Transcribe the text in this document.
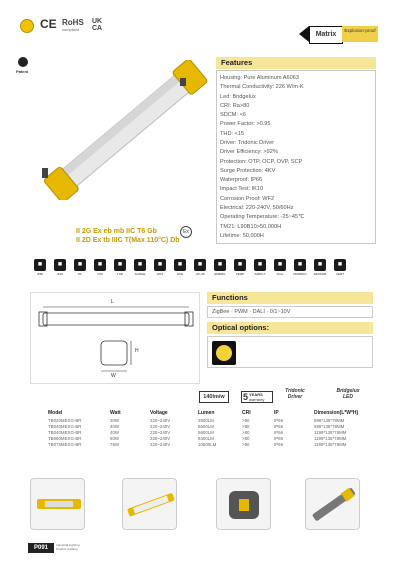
CE RoHS
compliant
UK
CA
Matrix
Explosion-proof
Patent
II 2G Ex eb mb IIC T6 Gb
II 2D Ex tb IIIC T(Max 110°C) Db
Ex
Features
Housing: Pure Aluminum A6063
Thermal Conductivity: 226 W/m·K
Led: Bridgelux
CRI: Ra>80
SDCM: <6
Power Factor: >0.95
THD: <15
Driver: Tridonic Driver
Driver Efficiency: >92%
Protection: OTP, OCP, OVP, SCP
Surge Protection: 4KV
Waterproof: IP66
Impact Test: IK10
Corrosion Proof: WF2
Electrical: 220-240V, 50/60Hz
Operating Temperature: -25~45℃
TM21: L90B10>50,000H
Lifetime: 50,000H
■
IP66
■
IK10
■
PF
■
CRI
■
THD
■
SURGE
■
WF2
■
LIFE
■
-25~45
■
EMERG
■
TEMP
■
IMPACT
■
DALI
■
DIMMING
■
SENSOR
■
CERT
L
H
W
Functions
ZigBee · PWM · DALI · 0/1~10V
Optical options:
140lm/w	5 YEARS
warranty
Tridonic
Driver
Bridgelux
LED
Model	Watt	Voltage	Lumen	CRI	IP	Dimension(L*W*H)
TB020MEXG-BR	20W	220~240V	2800LM	>80	IP66	599*135*78MM
TB040MEXG-BR	40W	220~240V	5600LM	>80	IP66	599*135*78MM
TB040MEXG-BR	40W	220~240V	5600LM	>80	IP66	1199*135*78MM
TB060MEXG-BR	60W	220~240V	8400LM	>80	IP66	1199*135*78MM
TB075MEXG-BR	75W	220~240V	10500LM	>80	IP66	1199*135*78MM
P091	Industrial Lighting
Product Catalog
